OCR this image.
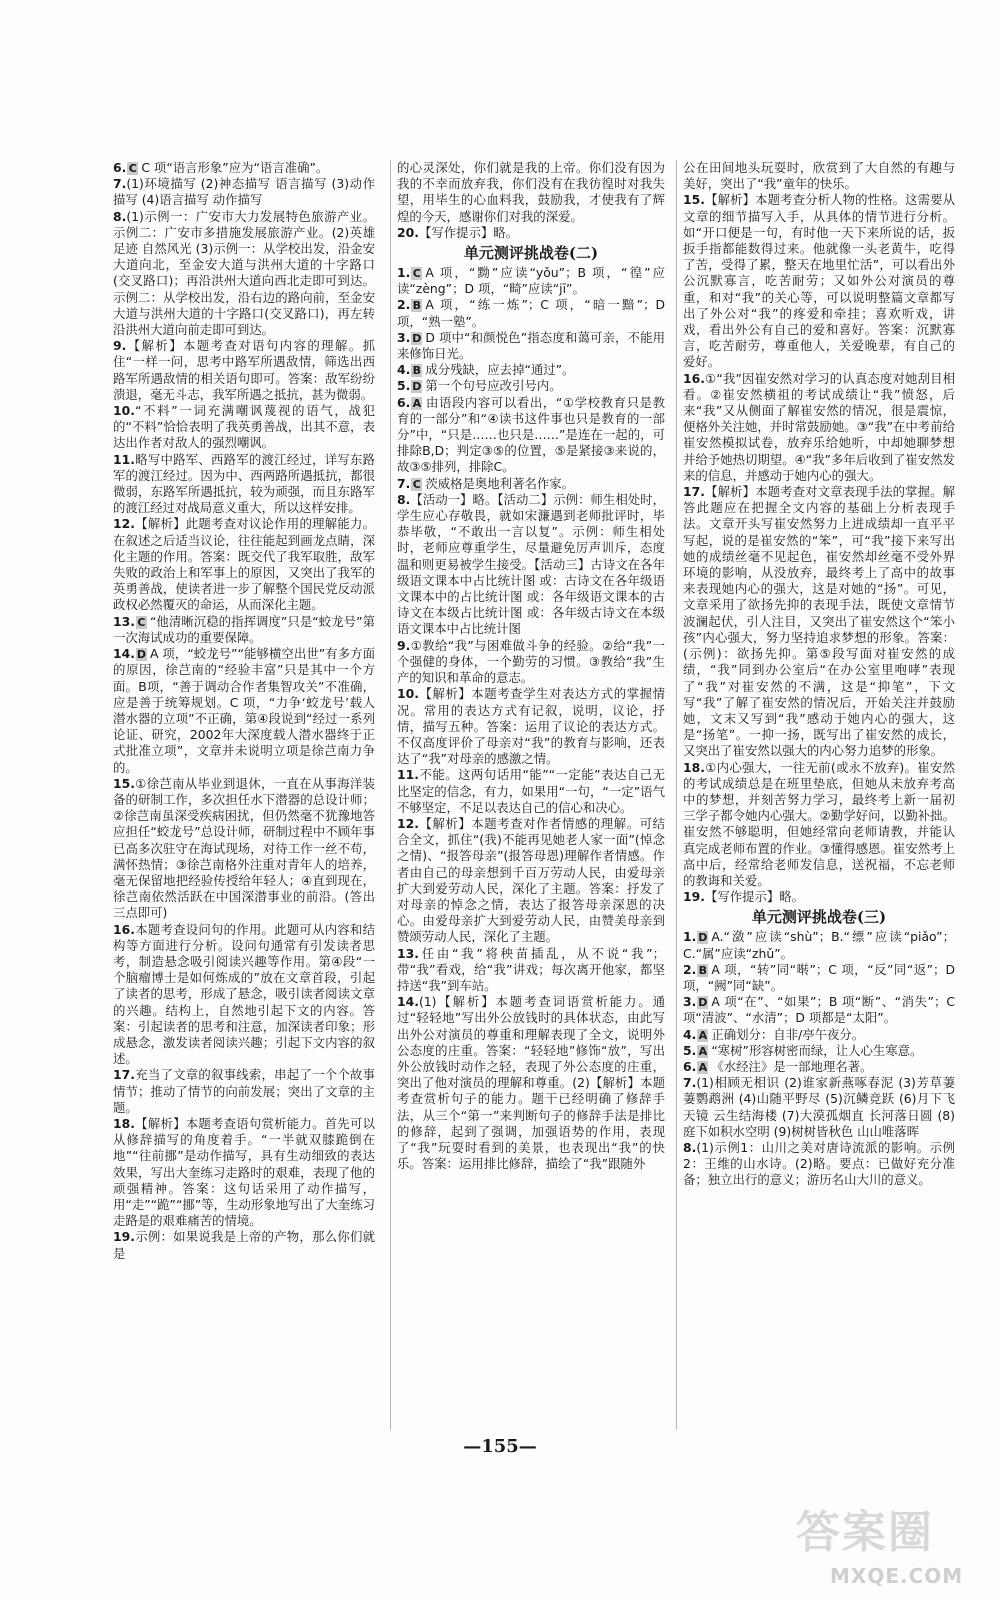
6. C C 项“语言形象”应为“语言准确”。

7.(1)环境描写 (2)神态描写 语言描写 (3)动作描写 (4)语言描写 动作描写

8.(1)示例一：广安市大力发展特色旅游产业。示例二：广安市多措施发展旅游产业。(2)英雄足迹 自然风光 (3)示例一：从学校出发，沿金安大道向北，至金安大道与洪州大道的十字路口(交叉路口)；再沿洪州大道向西北走即可到达。示例二：从学校出发，沿右边的路向前，至金安大道与洪州大道的十字路口(交叉路口)，再左转沿洪州大道向前走即可到达。

9.【解析】本题考查对语句内容的理解。抓住“一样一问，思考中路军所遇敌情，筛选出西路军所遇敌情的相关语句即可。答案：敌军纷纷溃退，毫无斗志，我军所遇之抵抗，甚为微弱。

10.“不料”一词充满嘲讽蔑视的语气，战犯的“不料”恰恰表明了我英勇善战，出其不意，表达出作者对敌人的强烈嘲讽。

11.略写中路军、西路军的渡江经过，详写东路军的渡江经过。因为中、西两路所遇抵抗，都很微弱，东路军所遇抵抗，较为顽强，而且东路军的渡江经过对战局意义重大，所以这样安排。

12.【解析】此题考查对议论作用的理解能力。在叙述之后适当议论，往往能起到画龙点睛，深化主题的作用。答案：既交代了我军取胜，敌军失败的政治上和军事上的原因，又突出了我军的英勇善战，使读者进一步了解整个国民党反动派政权必然覆灭的命运，从而深化主题。

13. C “他清晰沉稳的指挥调度”只是“蛟龙号”第一次海试成功的重要保障。

14. D A 项，“蛟龙号”“能够横空出世”有多方面的原因，徐芑南的“经验丰富”只是其中一个方面。B项，“善于调动合作者集智攻关”不准确，应是善于统筹规划。C 项，“力争‘蛟龙号’载人潜水器的立项”不正确，第④段说到“经过一系列论证、研究，2002年大深度载人潜水器终于正式批准立项”，文章并未说明立项是徐芑南力争的。

15.①徐芑南从毕业到退休，一直在从事海洋装备的研制工作，多次担任水下潜器的总设计师；②徐芑南虽深受疾病困扰，但仍然毫不犹豫地答应担任“蛟龙号”总设计师，研制过程中不顾年事已高多次驻守在海试现场，对待工作一丝不苟，满怀热情；③徐芑南格外注重对青年人的培养，毫无保留地把经验传授给年轻人；④直到现在，徐芑南依然活跃在中国深潜事业的前沿。(答出三点即可)

16.本题考查设问句的作用。此题可从内容和结构等方面进行分析。设问句通常有引发读者思考，制造悬念吸引阅读兴趣等作用。第④段“一个脑瘤博士是如何炼成的”放在文章首段，引起了读者的思考，形成了悬念，吸引读者阅读文章的兴趣。结构上，自然地引起下文的内容。答案：引起读者的思考和注意，加深读者印象；形成悬念，激发读者阅读兴趣；引起下文内容的叙述。

17.充当了文章的叙事线索，串起了一个个故事情节；推动了情节的向前发展；突出了文章的主题。

18.【解析】本题考查语句赏析能力。首先可以从修辞描写的角度着手。“一半就双膝跪倒在地”“往前挪”是动作描写，具有生动细致的表达效果，写出大奎练习走路时的艰难，表现了他的顽强精神。答案：这句话采用了动作描写，用“走”“跪”“挪”等，生动形象地写出了大奎练习走路是的艰难痛苦的情境。

19.示例：如果说我是上帝的产物，那么你们就是

的心灵深处，你们就是我的上帝。你们没有因为我的不幸而放弃我，你们没有在我彷徨时对我失望，用毕生的心血料我，鼓励我，才使我有了辉煌的今天，感谢你们对我的深爱。

20.【写作提示】略。

单元测评挑战卷(二)

1. C A 项，“黝”应读“yǒu”；B 项，“徨”应读“zèng”；D 项，“畸”应读“jī”。

2. B A 项，“练一炼”；C 项，“暗一黯”；D 项，“熟一塾”。

3. D D 项中“和颜悦色”指态度和蔼可亲，不能用来修饰日光。

4. B 成分残缺，应去掉“通过”。

5. D 第一个句号应改引号内。

6. A 由语段内容可以看出，“①学校教育只是教育的一部分”和“④读书这件事也只是教育的一部分”中，“只是……也只是……”是连在一起的，可排除B,D；判定③⑤的位置，⑤是紧接③来说的，故③⑤排列，排除C。

7. C 茨威格是奥地利著名作家。

8.【活动一】略。【活动二】示例：师生相处时，学生应心存敬畏，就如宋濂遇到老师批评时，毕恭毕敬，“不敢出一言以复”。示例：师生相处时，老师应尊重学生，尽量避免厉声训斥，态度温和则更易被学生接受。【活动三】古诗文在各年级语文课本中占比统计图 或：古诗文在各年级语文课本中的占比统计图 或：各年级语文课本的古诗文在本级占比统计图 或：各年级古诗文在本级语文课本中占比统计图

9.①教给“我”与困难做斗争的经验。②给“我”一个强健的身体，一个勤劳的习惯。③教给“我”生产的知识和革命的意志。

10.【解析】本题考查学生对表达方式的掌握情况。常用的表达方式有记叙，说明，议论，抒情，描写五种。答案：运用了议论的表达方式。不仅高度评价了母亲对“我”的教育与影响，还表达了“我”对母亲的感激之情。

11.不能。这两句话用“能”“一定能”表达自己无比坚定的信念，有力，如果用“一句，“一定”语气不够坚定，不足以表达自己的信心和决心。

12.【解析】本题考查对作者情感的理解。可结合全文，抓住“(我)不能再见她老人家一面”(悼念之情)、“报答母亲”(报答母恩)理解作者情感。作者由自己的母亲想到千百万劳动人民，由爱母亲扩大到爱劳动人民，深化了主题。答案：抒发了对母亲的悼念之情，表达了报答母亲深恩的决心。由爱母亲扩大到爱劳动人民，由赞美母亲到赞颂劳动人民，深化了主题。

13.任由“我”将秧苗插乱，从不说“我”；带“我”看戏，给“我”讲戏；每次离开他家，都坚持送“我”到车站。

14.(1)【解析】本题考查词语赏析能力。通过“轻轻地”写出外公放钱时的具体状态，由此写出外公对演员的尊重和理解表现了全文，说明外公态度的庄重。答案：“轻轻地”修饰“放”，写出外公放钱时动作之轻，表现了外公态度的庄重，突出了他对演员的理解和尊重。(2)【解析】本题考查赏析句子的能力。题干已经明确了修辞手法，从三个“第一”来判断句子的修辞手法是排比的修辞，起到了强调，加强语势的作用，表现了“我”玩耍时看到的美景，也表现出“我”的快乐。答案：运用排比修辞，描绘了“我”跟随外

公在田间地头玩耍时，欣赏到了大自然的有趣与美好，突出了“我”童年的快乐。

15.【解析】本题考查分析人物的性格。这需要从文章的细节描写入手，从具体的情节进行分析。如“开口便是一句，有时他一天下来所说的话，扳扳手指都能数得过来。他就像一头老黄牛，吃得了苦，受得了累，整天在地里忙活”，可以看出外公沉默寡言，吃苦耐劳；又如外公对演员的尊重，和对“我”的关心等，可以说明整篇文章都写出了外公对“我”的疼爱和牵挂；喜欢听戏，讲戏，看出外公有自己的爱和喜好。答案：沉默寡言，吃苦耐劳，尊重他人，关爱晚辈，有自己的爱好。

16.①“我”因崔安然对学习的认真态度对她刮目相看。②崔安然横祖的考试成绩让“我”愤怒，后来“我”又从侧面了解崔安然的情况，很是震惊，便格外关注她，并时常鼓励她。③“我”在中考前给崔安然模拟试卷，放弃乐给她听，中却她聊梦想并给予她热切期望。④“我”多年后收到了崔安然发来的信息，并感动于她内心的强大。

17.【解析】本题考查对文章表现手法的掌握。解答此题应在把握全文内容的基础上分析表现手法。文章开头写崔安然努力上进成绩却一直平平写起，说的是崔安然的“笨”，可“我”接下来写出她的成绩丝毫不见起色，崔安然却丝毫不受外界环境的影响，从没放弃，最终考上了高中的故事来表现她内心的强大，这是对她的“扬”。可见，文章采用了欲扬先抑的表现手法，既使文章情节波澜起伏，引人注目，又突出了崔安然这个“笨小孩”内心强大，努力坚持追求梦想的形象。答案：(示例)：欲扬先抑。第⑤段写面对崔安然的成绩，“我”同到办公室后“在办公室里咆哮”表现了“我”对崔安然的不满，这是“抑笔”，下文写“我”了解了崔安然的情况后，开始关注并鼓励她，文末又写到“我”感动于她内心的强大，这是“扬笔”。一抑一扬，既写出了崔安然的成长，又突出了崔安然以强大的内心努力追梦的形象。

18.①内心强大，一往无前(或永不放弃)。崔安然的考试成绩总是在班里垫底，但她从未放弃考高中的梦想，并刻苦努力学习，最终考上新一届初三学子都令她内心强大。②勤学好问，以勤补拙。崔安然不够聪明，但她经常向老师请教，并能认真完成老师布置的作业。③懂得感恩。崔安然考上高中后，经常给老师发信息，送祝福，不忘老师的教诲和关爱。

19.【写作提示】略。

单元测评挑战卷(三)

1. D A.“潋”应读“shù”；B.“缥”应读“piǎo”；C.“属”应读“zhǔ”。

2. B A 项，“转”同“啭”；C 项，“反”同“返”；D 项，“阙”同“缺”。

3. D A 项“在”、“如果”；B 项“断”、“消失”；C 项“清波”、“水清”；D 项都是“太阳”。

4. A 正确划分：自非/亭午夜分。

5. A “寒树”形容树密而绿，让人心生寒意。

6. A 《水经注》是一部地理名著。

7.(1)相顾无相识 (2)谁家新燕啄春泥 (3)芳草萋萋鹦鹉洲 (4)山随平野尽 (5)沉鳞竞跃 (6)月下飞天镜 云生结海楼 (7)大漠孤烟直 长河落日圆 (8)庭下如积水空明 (9)树树皆秋色 山山唯落晖

8.(1)示例1：山川之美对唐诗流派的影响。示例2：王维的山水诗。(2)略。要点：已做好充分准备；独立出行的意义；游历名山大川的意义。

—155—
答案圈
MXQE.COM
